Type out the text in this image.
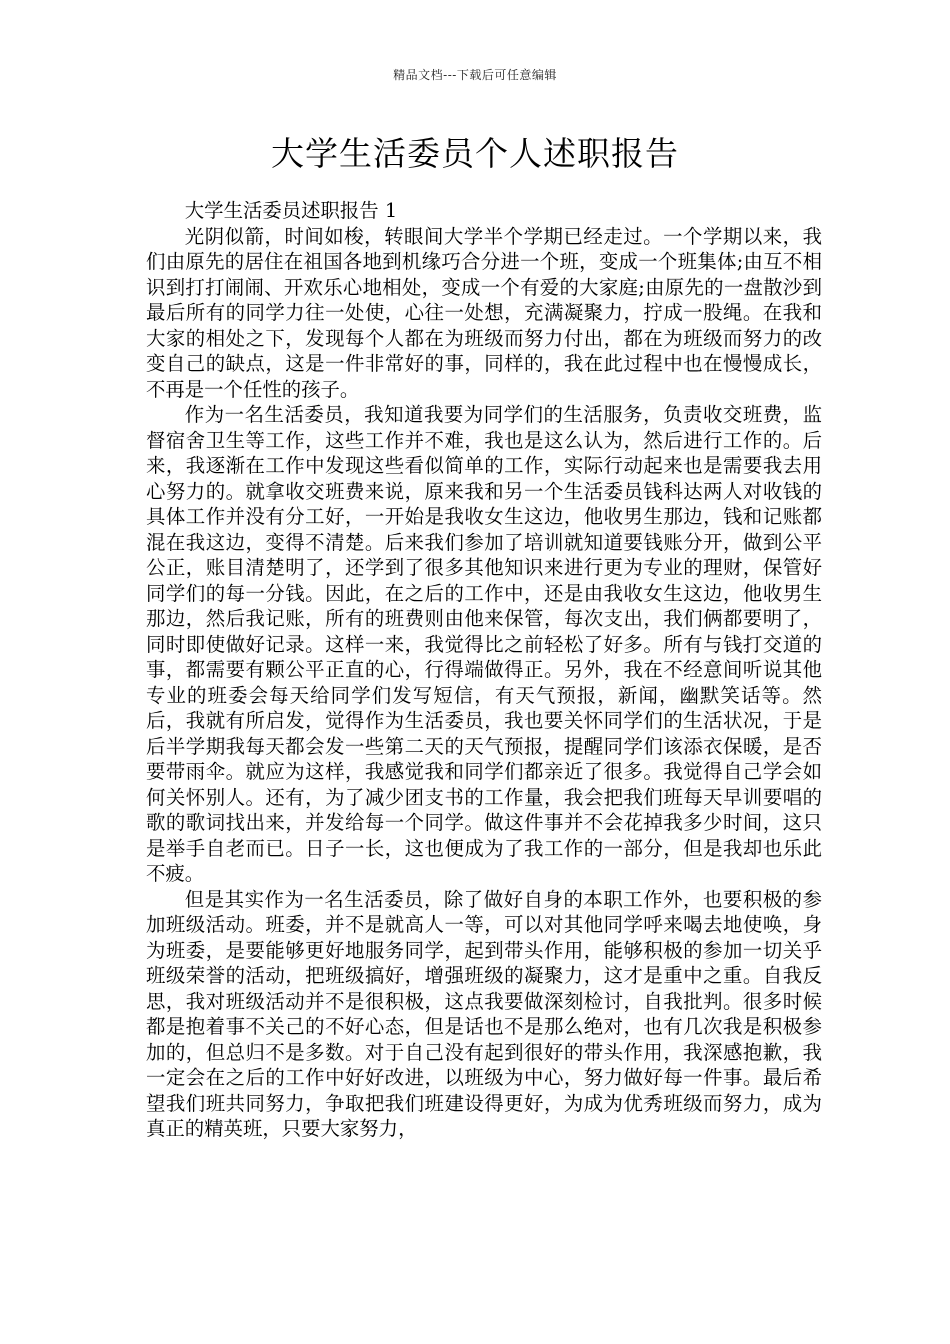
精品文档---下载后可任意编辑
大学生活委员个人述职报告
大学生活委员述职报告 1

光阴似箭，时间如梭，转眼间大学半个学期已经走过。一个学期以来，我们由原先的居住在祖国各地到机缘巧合分进一个班，变成一个班集体;由互不相识到打打闹闹、开欢乐心地相处，变成一个有爱的大家庭;由原先的一盘散沙到最后所有的同学力往一处使，心往一处想，充满凝聚力，拧成一股绳。在我和大家的相处之下，发现每个人都在为班级而努力付出，都在为班级而努力的改变自己的缺点，这是一件非常好的事，同样的，我在此过程中也在慢慢成长，不再是一个任性的孩子。

作为一名生活委员，我知道我要为同学们的生活服务，负责收交班费，监督宿舍卫生等工作，这些工作并不难，我也是这么认为，然后进行工作的。后来，我逐渐在工作中发现这些看似简单的工作，实际行动起来也是需要我去用心努力的。就拿收交班费来说，原来我和另一个生活委员钱科达两人对收钱的具体工作并没有分工好，一开始是我收女生这边，他收男生那边，钱和记账都混在我这边，变得不清楚。后来我们参加了培训就知道要钱账分开，做到公平公正，账目清楚明了，还学到了很多其他知识来进行更为专业的理财，保管好同学们的每一分钱。因此，在之后的工作中，还是由我收女生这边，他收男生那边，然后我记账，所有的班费则由他来保管，每次支出，我们俩都要明了，同时即使做好记录。这样一来，我觉得比之前轻松了好多。所有与钱打交道的事，都需要有颗公平正直的心，行得端做得正。另外，我在不经意间听说其他专业的班委会每天给同学们发写短信，有天气预报，新闻，幽默笑话等。然后，我就有所启发，觉得作为生活委员，我也要关怀同学们的生活状况，于是后半学期我每天都会发一些第二天的天气预报，提醒同学们该添衣保暖，是否要带雨伞。就应为这样，我感觉我和同学们都亲近了很多。我觉得自己学会如何关怀别人。还有，为了减少团支书的工作量，我会把我们班每天早训要唱的歌的歌词找出来，并发给每一个同学。做这件事并不会花掉我多少时间，这只是举手自老而已。日子一长，这也便成为了我工作的一部分，但是我却也乐此不疲。

但是其实作为一名生活委员，除了做好自身的本职工作外，也要积极的参加班级活动。班委，并不是就高人一等，可以对其他同学呼来喝去地使唤，身为班委，是要能够更好地服务同学，起到带头作用，能够积极的参加一切关乎班级荣誉的活动，把班级搞好，增强班级的凝聚力，这才是重中之重。自我反思，我对班级活动并不是很积极，这点我要做深刻检讨，自我批判。很多时候都是抱着事不关己的不好心态，但是话也不是那么绝对，也有几次我是积极参加的，但总归不是多数。对于自己没有起到很好的带头作用，我深感抱歉，我一定会在之后的工作中好好改进，以班级为中心，努力做好每一件事。最后希望我们班共同努力，争取把我们班建设得更好，为成为优秀班级而努力，成为真正的精英班，只要大家努力，
